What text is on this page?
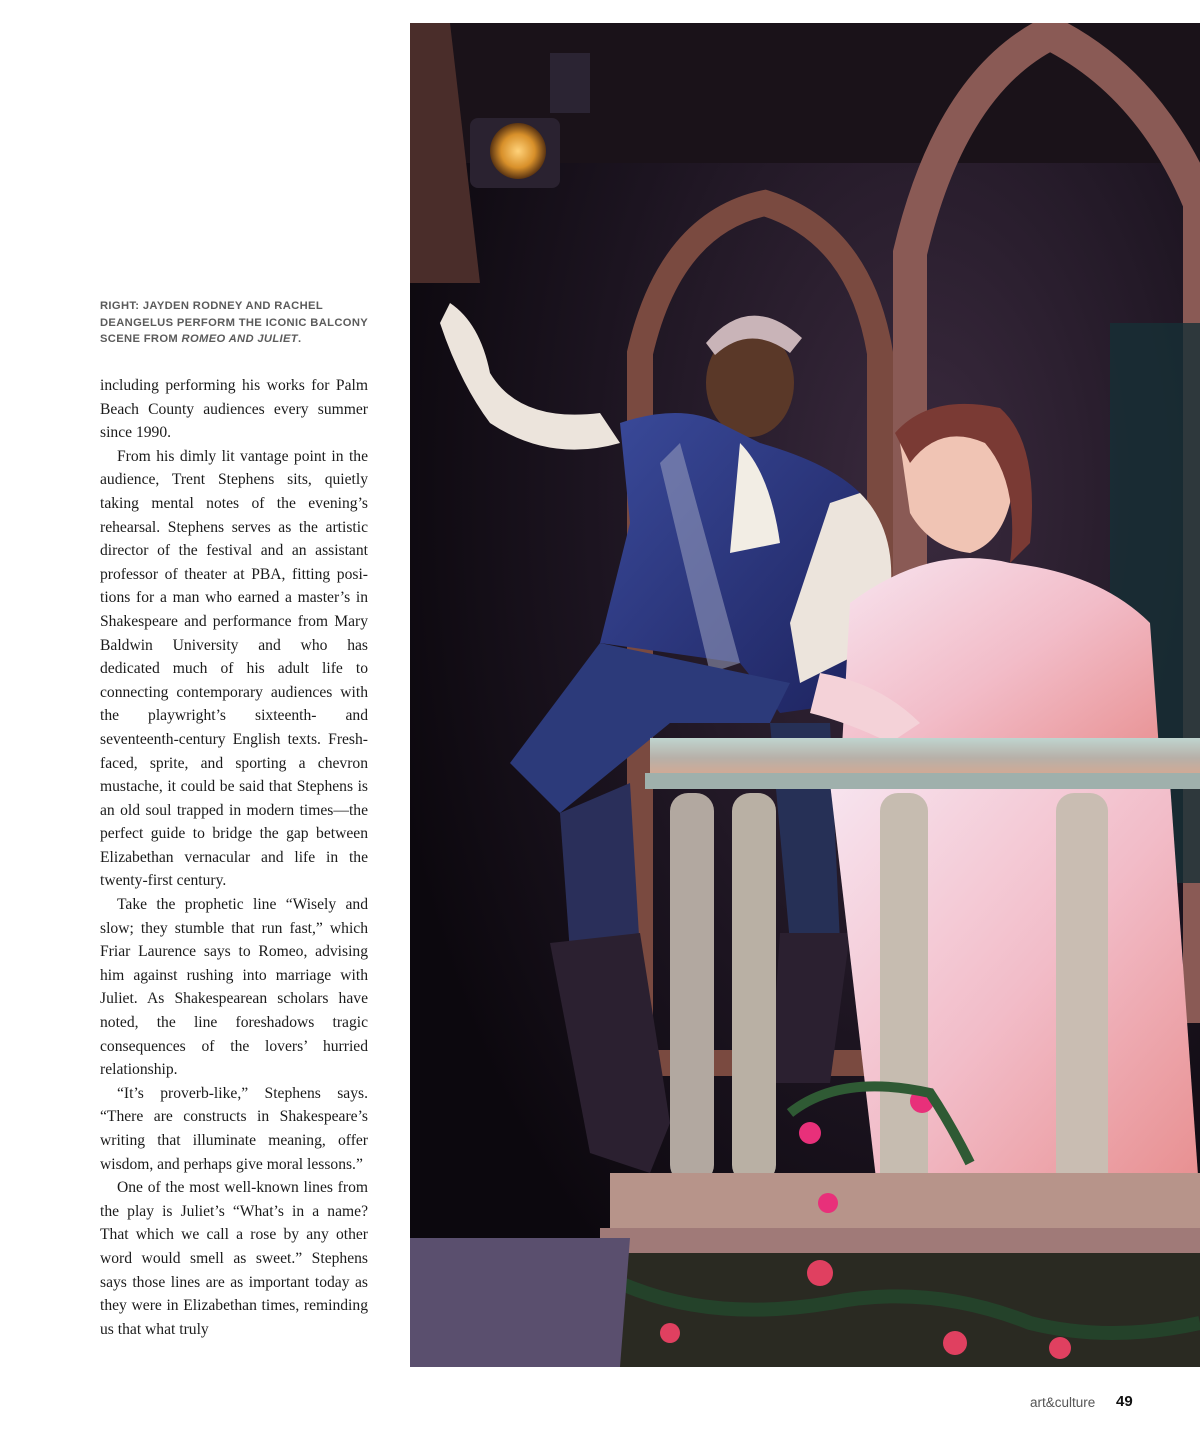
RIGHT: JAYDEN RODNEY AND RACHEL DEANGELUS PERFORM THE ICONIC BALCONY SCENE FROM ROMEO AND JULIET.

including performing his works for Palm Beach County audiences every summer since 1990.

From his dimly lit vantage point in the audience, Trent Stephens sits, quietly taking mental notes of the evening’s rehearsal. Stephens serves as the artistic director of the festival and an assistant professor of theater at PBA, fitting positions for a man who earned a master’s in Shakespeare and performance from Mary Baldwin University and who has dedicated much of his adult life to connecting contemporary audiences with the playwright’s sixteenth- and seventeenth-century English texts. Fresh-faced, sprite, and sporting a chevron mustache, it could be said that Stephens is an old soul trapped in modern times—the perfect guide to bridge the gap between Elizabethan vernacular and life in the twenty-first century.

Take the prophetic line “Wisely and slow; they stumble that run fast,” which Friar Laurence says to Romeo, advising him against rushing into marriage with Juliet. As Shakespearean scholars have noted, the line foreshadows tragic consequences of the lovers’ hurried relationship.

“It’s proverb-like,” Stephens says. “There are constructs in Shakespeare’s writing that illuminate meaning, offer wisdom, and perhaps give moral lessons.”

One of the most well-known lines from the play is Juliet’s “What’s in a name? That which we call a rose by any other word would smell as sweet.” Stephens says those lines are as important today as they were in Elizabethan times, reminding us that what truly

art&culture 49
